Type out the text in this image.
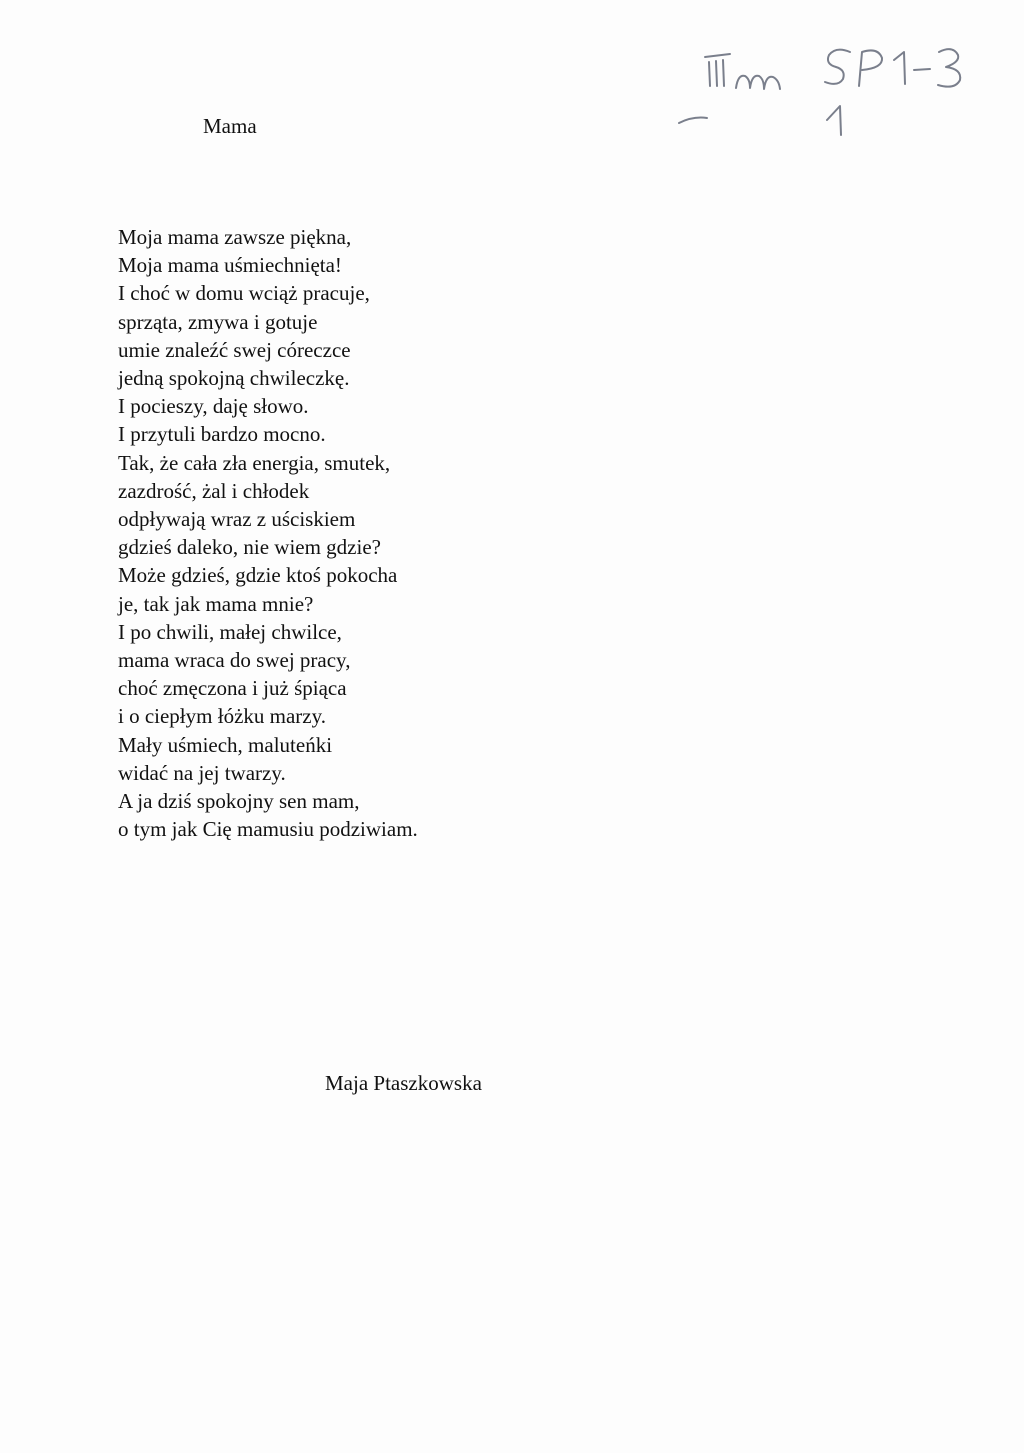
Mama
Moja mama zawsze piękna,
Moja mama uśmiechnięta!
I choć w domu wciąż pracuje,
sprząta, zmywa i gotuje
umie znaleźć swej córeczce
jedną spokojną chwileczkę.
I pocieszy, daję słowo.
I przytuli bardzo mocno.
Tak, że cała zła energia, smutek,
zazdrość, żal i chłodek
odpływają wraz z uściskiem
gdzieś daleko, nie wiem gdzie?
Może gdzieś, gdzie ktoś pokocha
je, tak jak mama mnie?
I po chwili, małej chwilce,
mama wraca do swej pracy,
choć zmęczona i już śpiąca
i o ciepłym łóżku marzy.
Mały uśmiech, maluteńki
widać na jej twarzy.
A ja dziś spokojny sen mam,
o tym jak Cię mamusiu podziwiam.
Maja Ptaszkowska
